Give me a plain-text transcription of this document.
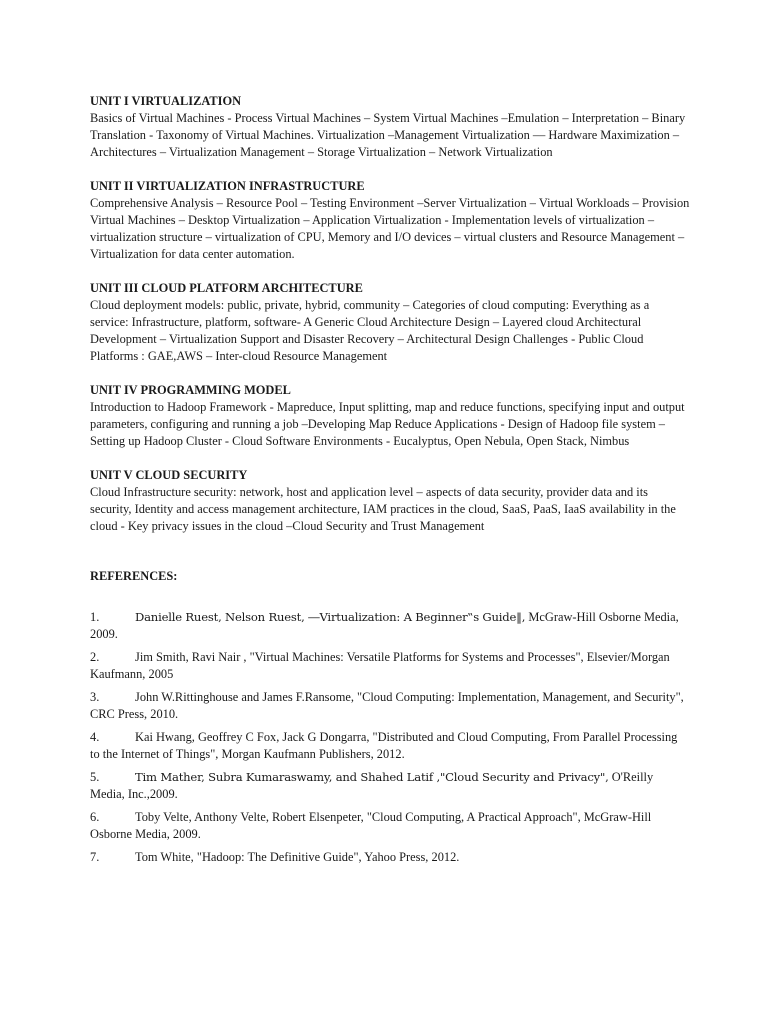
UNIT I VIRTUALIZATION
Basics of Virtual Machines - Process Virtual Machines – System Virtual Machines –Emulation – Interpretation – Binary Translation - Taxonomy of Virtual Machines. Virtualization –Management Virtualization –– Hardware Maximization – Architectures – Virtualization Management – Storage Virtualization – Network Virtualization
UNIT II VIRTUALIZATION INFRASTRUCTURE
Comprehensive Analysis – Resource Pool – Testing Environment –Server Virtualization – Virtual Workloads – Provision Virtual Machines – Desktop Virtualization – Application Virtualization - Implementation levels of virtualization – virtualization structure – virtualization of CPU, Memory and I/O devices – virtual clusters and Resource Management – Virtualization for data center automation.
UNIT III CLOUD PLATFORM ARCHITECTURE
Cloud deployment models: public, private, hybrid, community – Categories of cloud computing: Everything as a service: Infrastructure, platform, software- A Generic Cloud Architecture Design – Layered cloud Architectural Development – Virtualization Support and Disaster Recovery – Architectural Design Challenges - Public Cloud Platforms : GAE,AWS – Inter-cloud Resource Management
UNIT IV PROGRAMMING MODEL
Introduction to Hadoop Framework - Mapreduce, Input splitting, map and reduce functions, specifying input and output parameters, configuring and running a job –Developing Map Reduce Applications - Design of Hadoop file system –Setting up Hadoop Cluster - Cloud Software Environments - Eucalyptus, Open Nebula, Open Stack, Nimbus
UNIT V CLOUD SECURITY
Cloud Infrastructure security: network, host and application level – aspects of data security, provider data and its security, Identity and access management architecture, IAM practices in the cloud, SaaS, PaaS, IaaS availability in the cloud - Key privacy issues in the cloud –Cloud Security and Trust Management
REFERENCES:
1.	Danielle Ruest, Nelson Ruest, ―Virtualization: A Beginner‟s Guide‖, McGraw-Hill Osborne Media, 2009.
2.	Jim Smith, Ravi Nair , "Virtual Machines: Versatile Platforms for Systems and Processes", Elsevier/Morgan Kaufmann, 2005
3.	John W.Rittinghouse and James F.Ransome, "Cloud Computing: Implementation, Management, and Security", CRC Press, 2010.
4.	Kai Hwang, Geoffrey C Fox, Jack G Dongarra, "Distributed and Cloud Computing, From Parallel Processing to the Internet of Things", Morgan Kaufmann Publishers, 2012.
5.	Tim Mather, Subra Kumaraswamy, and Shahed Latif ,"Cloud Security and Privacy", O'Reilly Media, Inc.,2009.
6.	Toby Velte, Anthony Velte, Robert Elsenpeter, "Cloud Computing, A Practical Approach", McGraw-Hill Osborne Media, 2009.
7.	Tom White, "Hadoop: The Definitive Guide", Yahoo Press, 2012.
